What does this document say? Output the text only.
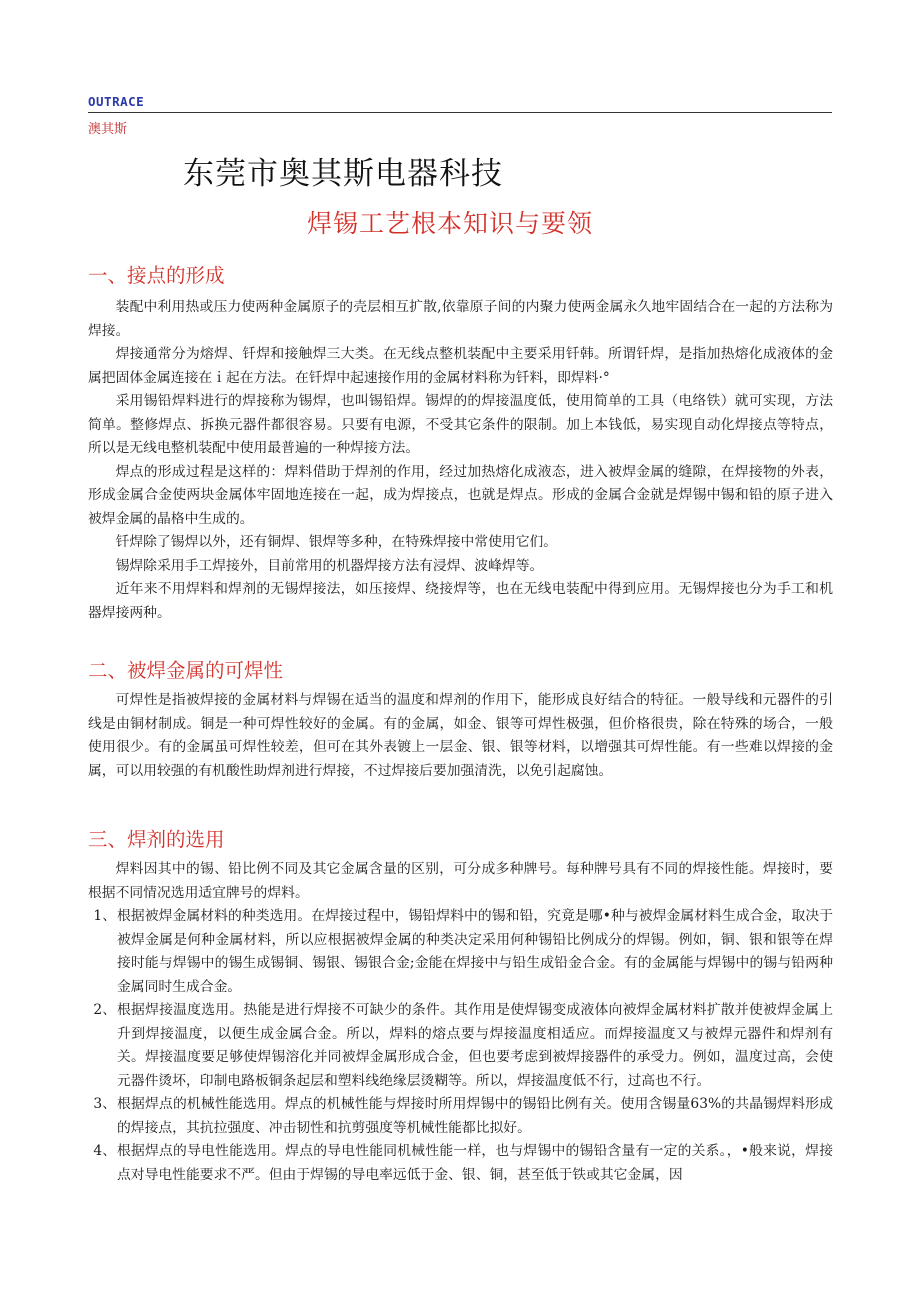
OUTRACE
澳其斯
东莞市奥其斯电器科技
焊锡工艺根本知识与要领
一、接点的形成

装配中利用热或压力使两种金属原子的壳层相互扩散,依靠原子间的内聚力使两金属永久地牢固结合在一起的方法称为焊接。

焊接通常分为熔焊、钎焊和接触焊三大类。在无线点整机装配中主要采用钎韩。所谓钎焊，是指加热熔化成液体的金属把固体金属连接在ｉ起在方法。在钎焊中起速接作用的金属材料称为钎料，即焊料·°

采用锡铅焊料进行的焊接称为锡焊，也叫锡铅焊。锡焊的的焊接温度低，使用简单的工具（电络铁）就可实现，方法简单。整修焊点、拆换元器件都很容易。只要有电源，不受其它条件的限制。加上本钱低，易实现自动化焊接点等特点，所以是无线电整机装配中使用最普遍的一种焊接方法。

焊点的形成过程是这样的：焊料借助于焊剂的作用，经过加热熔化成液态，进入被焊金属的缝隙，在焊接物的外表，形成金属合金使两块金属体牢固地连接在一起，成为焊接点，也就是焊点。形成的金属合金就是焊锡中锡和铅的原子进入被焊金属的晶格中生成的。

钎焊除了锡焊以外，还有铜焊、银焊等多种，在特殊焊接中常使用它们。

锡焊除采用手工焊接外，目前常用的机器焊接方法有浸焊、波峰焊等。

近年来不用焊料和焊剂的无锡焊接法，如压接焊、绕接焊等，也在无线电装配中得到应用。无锡焊接也分为手工和机器焊接两种。

二、被焊金属的可焊性

可焊性是指被焊接的金属材料与焊锡在适当的温度和焊剂的作用下，能形成良好结合的特征。一般导线和元器件的引线是由铜材制成。铜是一种可焊性较好的金属。有的金属，如金、银等可焊性极强，但价格很贵，除在特殊的场合，一般使用很少。有的金属虽可焊性较差，但可在其外表镀上一层金、银、银等材料，以增强其可焊性能。有一些难以焊接的金属，可以用较强的有机酸性助焊剂进行焊接，不过焊接后要加强清洗，以免引起腐蚀。

三、焊剂的选用

焊料因其中的锡、铅比例不同及其它金属含量的区别，可分成多种牌号。每种牌号具有不同的焊接性能。焊接时，要根据不同情况选用适宜牌号的焊料。

1、 根据被焊金属材料的种类选用。在焊接过程中，锡铅焊料中的锡和铅，究竟是哪•种与被焊金属材料生成合金，取决于被焊金属是何种金属材料，所以应根据被焊金属的种类决定采用何种锡铅比例成分的焊锡。例如，铜、银和银等在焊接时能与焊锡中的锡生成锡铜、锡银、锡银合金;金能在焊接中与铅生成铅金合金。有的金属能与焊锡中的锡与铅两种金属同时生成合金。
2、 根据焊接温度选用。热能是进行焊接不可缺少的条件。其作用是使焊锡变成液体向被焊金属材料扩散并使被焊金属上升到焊接温度，以便生成金属合金。所以，焊料的熔点要与焊接温度相适应。而焊接温度又与被焊元器件和焊剂有关。焊接温度要足够使焊锡溶化并同被焊金属形成合金，但也要考虑到被焊接器件的承受力。例如，温度过高，会使元器件烫坏，印制电路板铜条起层和塑料线绝缘层烫糊等。所以，焊接温度低不行，过高也不行。
3、 根据焊点的机械性能选用。焊点的机械性能与焊接时所用焊锡中的锡铅比例有关。使用含锡量63%的共晶锡焊料形成的焊接点，其抗拉强度、冲击韧性和抗剪强度等机械性能都比拟好。
4、 根据焊点的导电性能选用。焊点的导电性能同机械性能一样，也与焊锡中的锡铅含量有一定的关系。，•般来说，焊接点对导电性能要求不严。但由于焊锡的导电率远低于金、银、铜，甚至低于铁或其它金属，因
